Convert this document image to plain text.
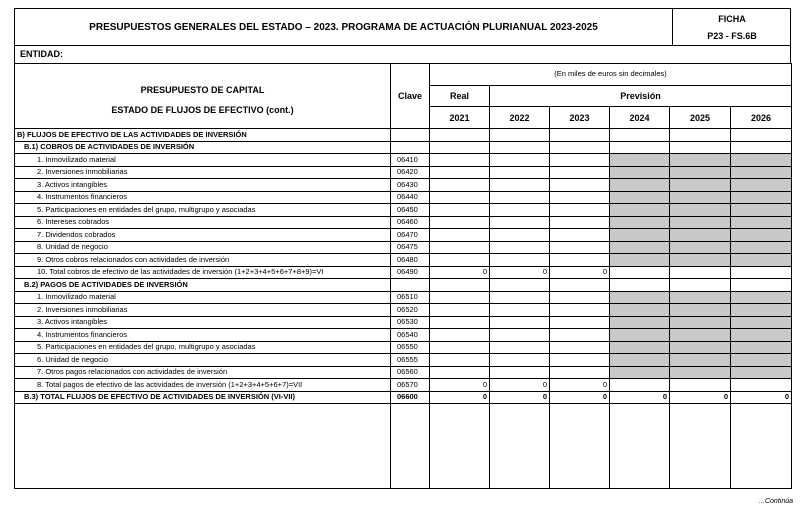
PRESUPUESTOS GENERALES DEL ESTADO – 2023. PROGRAMA DE ACTUACIÓN PLURIANUAL 2023-2025
FICHA
P23 - FS.6B
ENTIDAD:
PRESUPUESTO DE CAPITAL
ESTADO DE FLUJOS DE EFECTIVO (cont.)	Clave	(En miles de euros sin decimales)					
		Real	Previsión				
		2021	2022	2023	2024	2025	2026
B) FLUJOS DE EFECTIVO DE LAS ACTIVIDADES DE INVERSIÓN							
B.1) COBROS DE ACTIVIDADES DE INVERSIÓN							
1. Inmovilizado material	06410						
2. Inversiones inmobiliarias	06420						
3. Activos intangibles	06430						
4. Instrumentos financieros	06440						
5. Participaciones en entidades del grupo, multigrupo y asociadas	06450						
6. Intereses cobrados	06460						
7. Dividendos cobrados	06470						
8. Unidad de negocio	06475						
9. Otros cobros relacionados con actividades de inversión	06480						
10. Total cobros de efectivo de las actividades de inversión (1+2+3+4+5+6+7+8+9)=VI	06490	0	0	0			
B.2) PAGOS DE ACTIVIDADES DE INVERSIÓN							
1. Inmovilizado material	06510						
2. Inversiones inmobiliarias	06520						
3. Activos intangibles	06530						
4. Instrumentos financieros	06540						
5. Participaciones en entidades del grupo, multigrupo y asociadas	06550						
6. Unidad de negocio	06555						
7. Otros pagos relacionados con actividades de inversión	06560						
8. Total pagos de efectivo de las actividades de inversión (1+2+3+4+5+6+7)=VII	06570	0	0	0			
B.3) TOTAL FLUJOS DE EFECTIVO DE ACTIVIDADES DE INVERSIÓN (VI-VII)	06600	0	0	0	0	0	0

...Continúa
